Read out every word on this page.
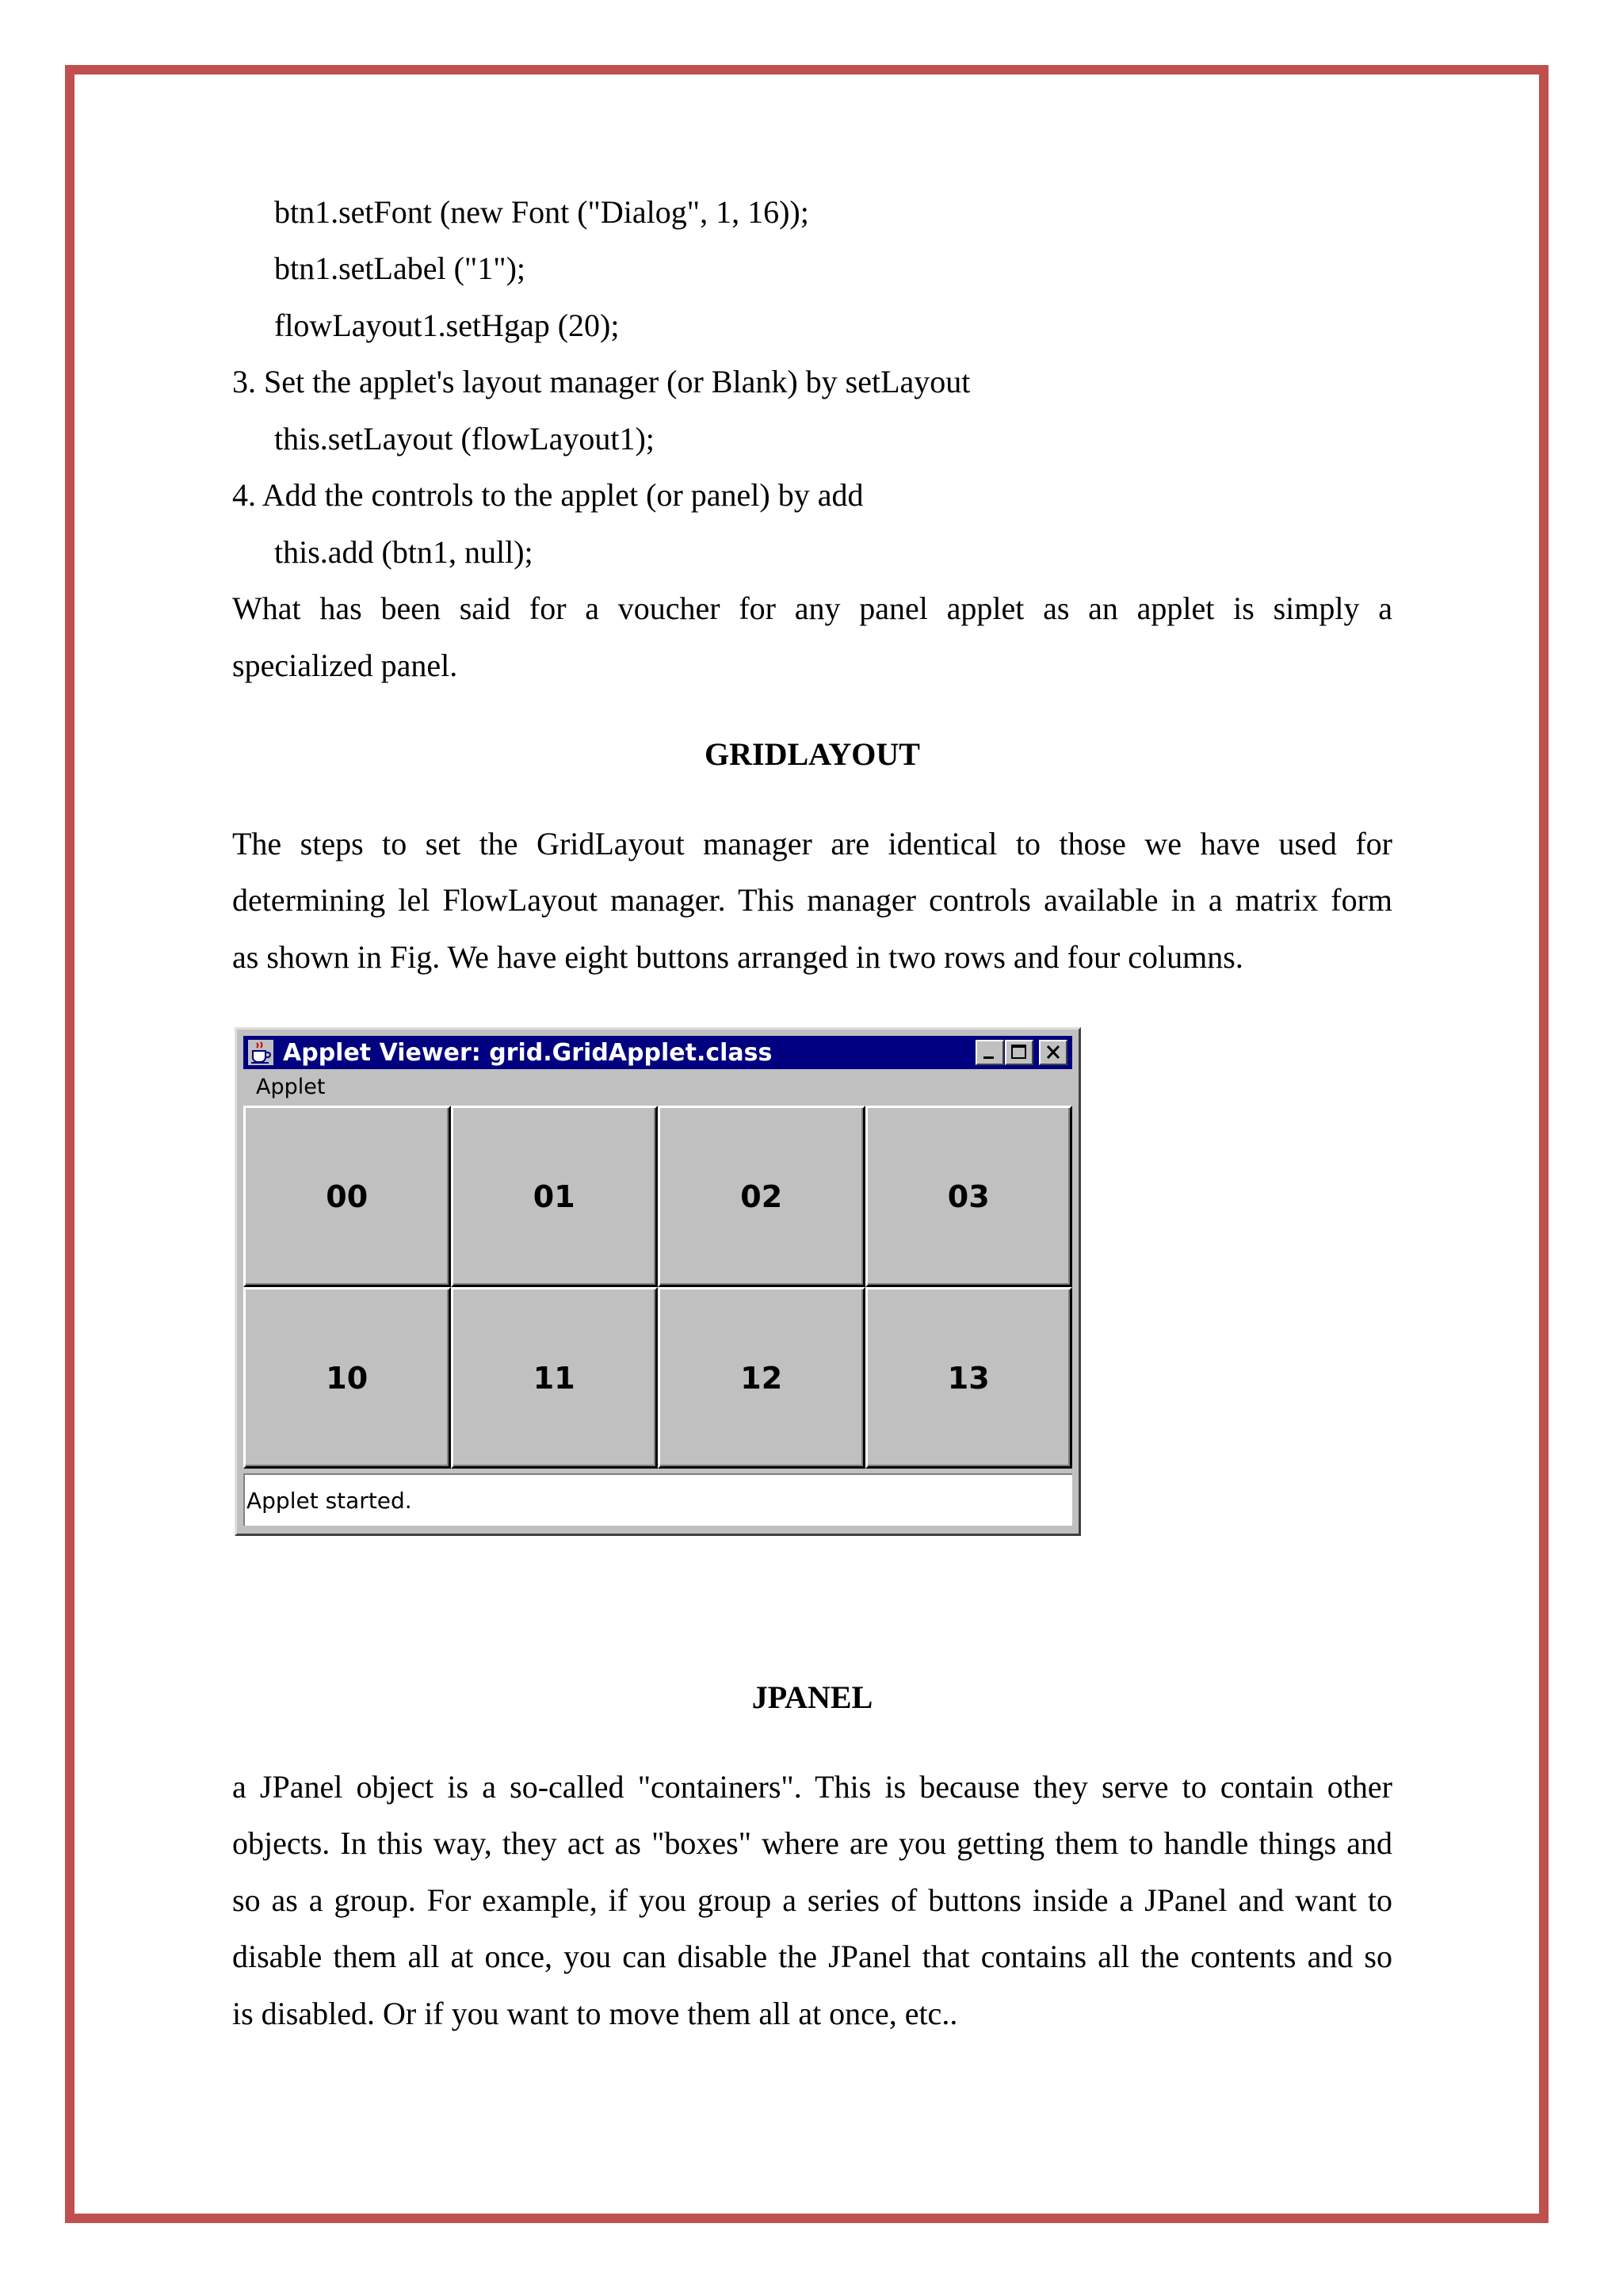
btn1.setFont (new Font ("Dialog", 1, 16));
btn1.setLabel ("1");
flowLayout1.setHgap (20);
3. Set the applet's layout manager (or Blank) by setLayout
this.setLayout (flowLayout1);
4. Add the controls to the applet (or panel) by add
this.add (btn1, null);
What has been said for a voucher for any panel applet as an applet is simply a
specialized panel.
GRIDLAYOUT
The steps to set the GridLayout manager are identical to those we have used for
determining lel FlowLayout manager. This manager controls available in a matrix form
as shown in Fig. We have eight buttons arranged in two rows and four columns.
Applet Viewer: grid.GridApplet.class
Applet
00	01	02	03
10	11	12	13
Applet started.
JPANEL
a JPanel object is a so-called "containers". This is because they serve to contain other
objects. In this way, they act as "boxes" where are you getting them to handle things and
so as a group. For example, if you group a series of buttons inside a JPanel and want to
disable them all at once, you can disable the JPanel that contains all the contents and so
is disabled. Or if you want to move them all at once, etc..
